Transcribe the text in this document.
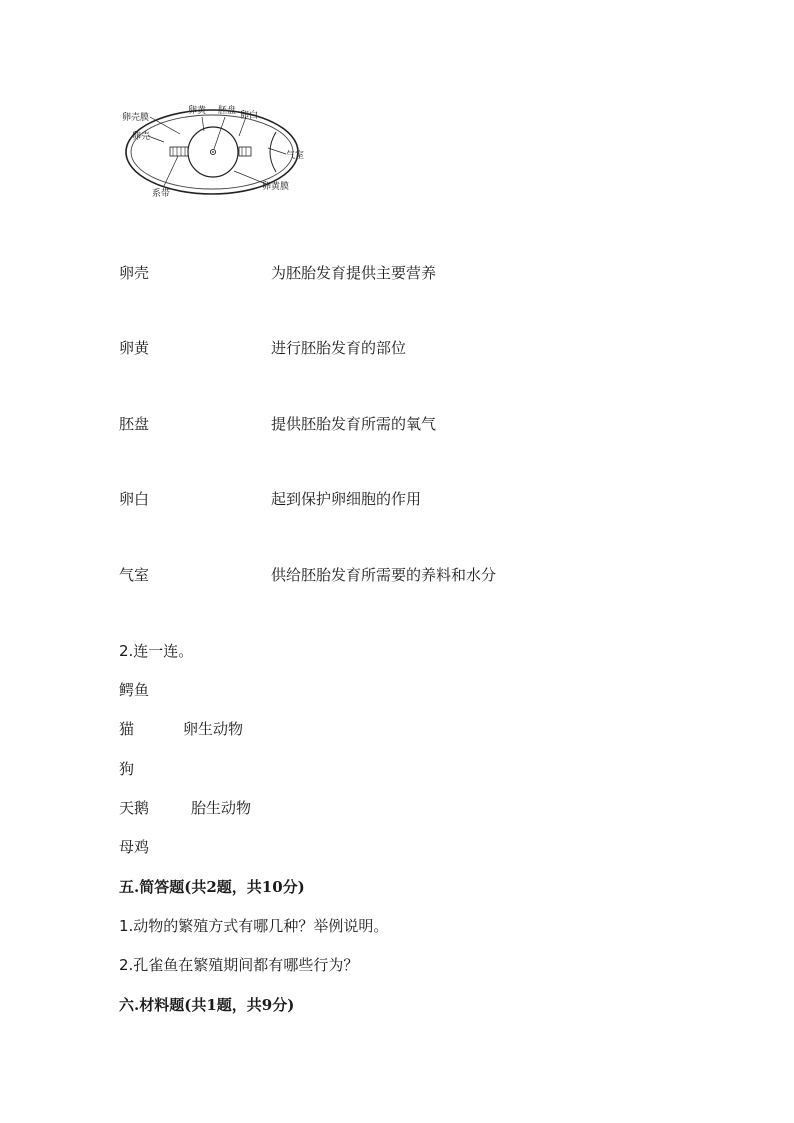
卵壳膜
卵壳
卵黄 胚盘 卵白
气室
系带
卵黄膜
卵壳	为胚胎发育提供主要营养
卵黄	进行胚胎发育的部位
胚盘	提供胚胎发育所需的氧气
卵白	起到保护卵细胞的作用
气室	供给胚胎发育所需要的养料和水分
2.连一连。
鳄鱼
猫	卵生动物
狗
天鹅	胎生动物
母鸡
五.简答题(共2题，共10分)
1.动物的繁殖方式有哪几种？举例说明。
2.孔雀鱼在繁殖期间都有哪些行为？
六.材料题(共1题，共9分)
